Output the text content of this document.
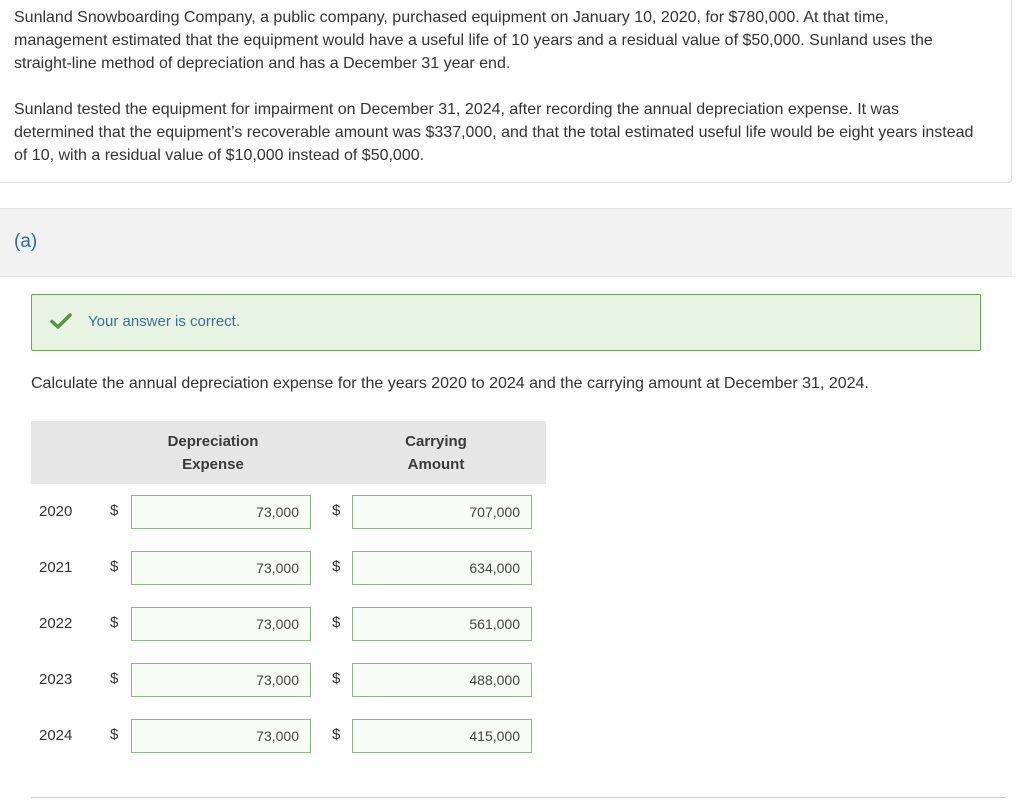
Sunland Snowboarding Company, a public company, purchased equipment on January 10, 2020, for $780,000. At that time, management estimated that the equipment would have a useful life of 10 years and a residual value of $50,000. Sunland uses the straight-line method of depreciation and has a December 31 year end.

Sunland tested the equipment for impairment on December 31, 2024, after recording the annual depreciation expense. It was determined that the equipment’s recoverable amount was $337,000, and that the total estimated useful life would be eight years instead of 10, with a residual value of $10,000 instead of $50,000.

(a)
Your answer is correct.
Calculate the annual depreciation expense for the years 2020 to 2024 and the carrying amount at December 31, 2024.
Depreciation
Expense
Carrying
Amount
2020	$	73,000	$	707,000
2021	$	73,000	$	634,000
2022	$	73,000	$	561,000
2023	$	73,000	$	488,000
2024	$	73,000	$	415,000
